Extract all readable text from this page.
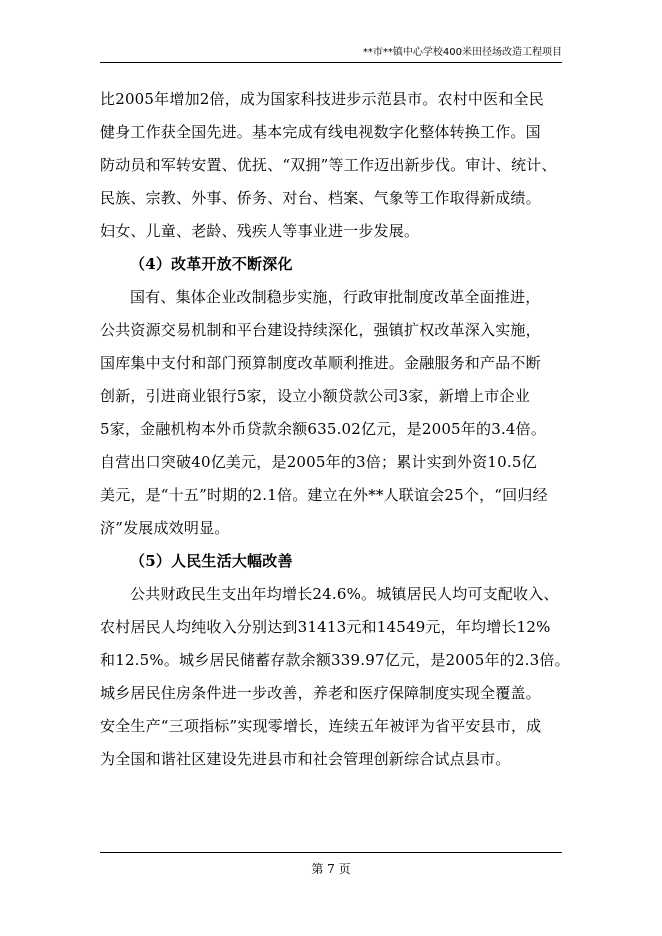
**市**镇中心学校400米田径场改造工程项目
比2005年增加2倍，成为国家科技进步示范县市。农村中医和全民
健身工作获全国先进。基本完成有线电视数字化整体转换工作。国
防动员和军转安置、优抚、“双拥”等工作迈出新步伐。审计、统计、
民族、宗教、外事、侨务、对台、档案、气象等工作取得新成绩。
妇女、儿童、老龄、残疾人等事业进一步发展。
（4）改革开放不断深化
国有、集体企业改制稳步实施，行政审批制度改革全面推进，
公共资源交易机制和平台建设持续深化，强镇扩权改革深入实施，
国库集中支付和部门预算制度改革顺利推进。金融服务和产品不断
创新，引进商业银行5家，设立小额贷款公司3家，新增上市企业
5家，金融机构本外币贷款余额635.02亿元，是2005年的3.4倍。
自营出口突破40亿美元，是2005年的3倍；累计实到外资10.5亿
美元，是“十五”时期的2.1倍。建立在外**人联谊会25个，“回归经
济”发展成效明显。
（5）人民生活大幅改善
公共财政民生支出年均增长24.6%。城镇居民人均可支配收入、
农村居民人均纯收入分别达到31413元和14549元，年均增长12%
和12.5%。城乡居民储蓄存款余额339.97亿元，是2005年的2.3倍。
城乡居民住房条件进一步改善，养老和医疗保障制度实现全覆盖。
安全生产“三项指标”实现零增长，连续五年被评为省平安县市，成
为全国和谐社区建设先进县市和社会管理创新综合试点县市。
第 7 页
